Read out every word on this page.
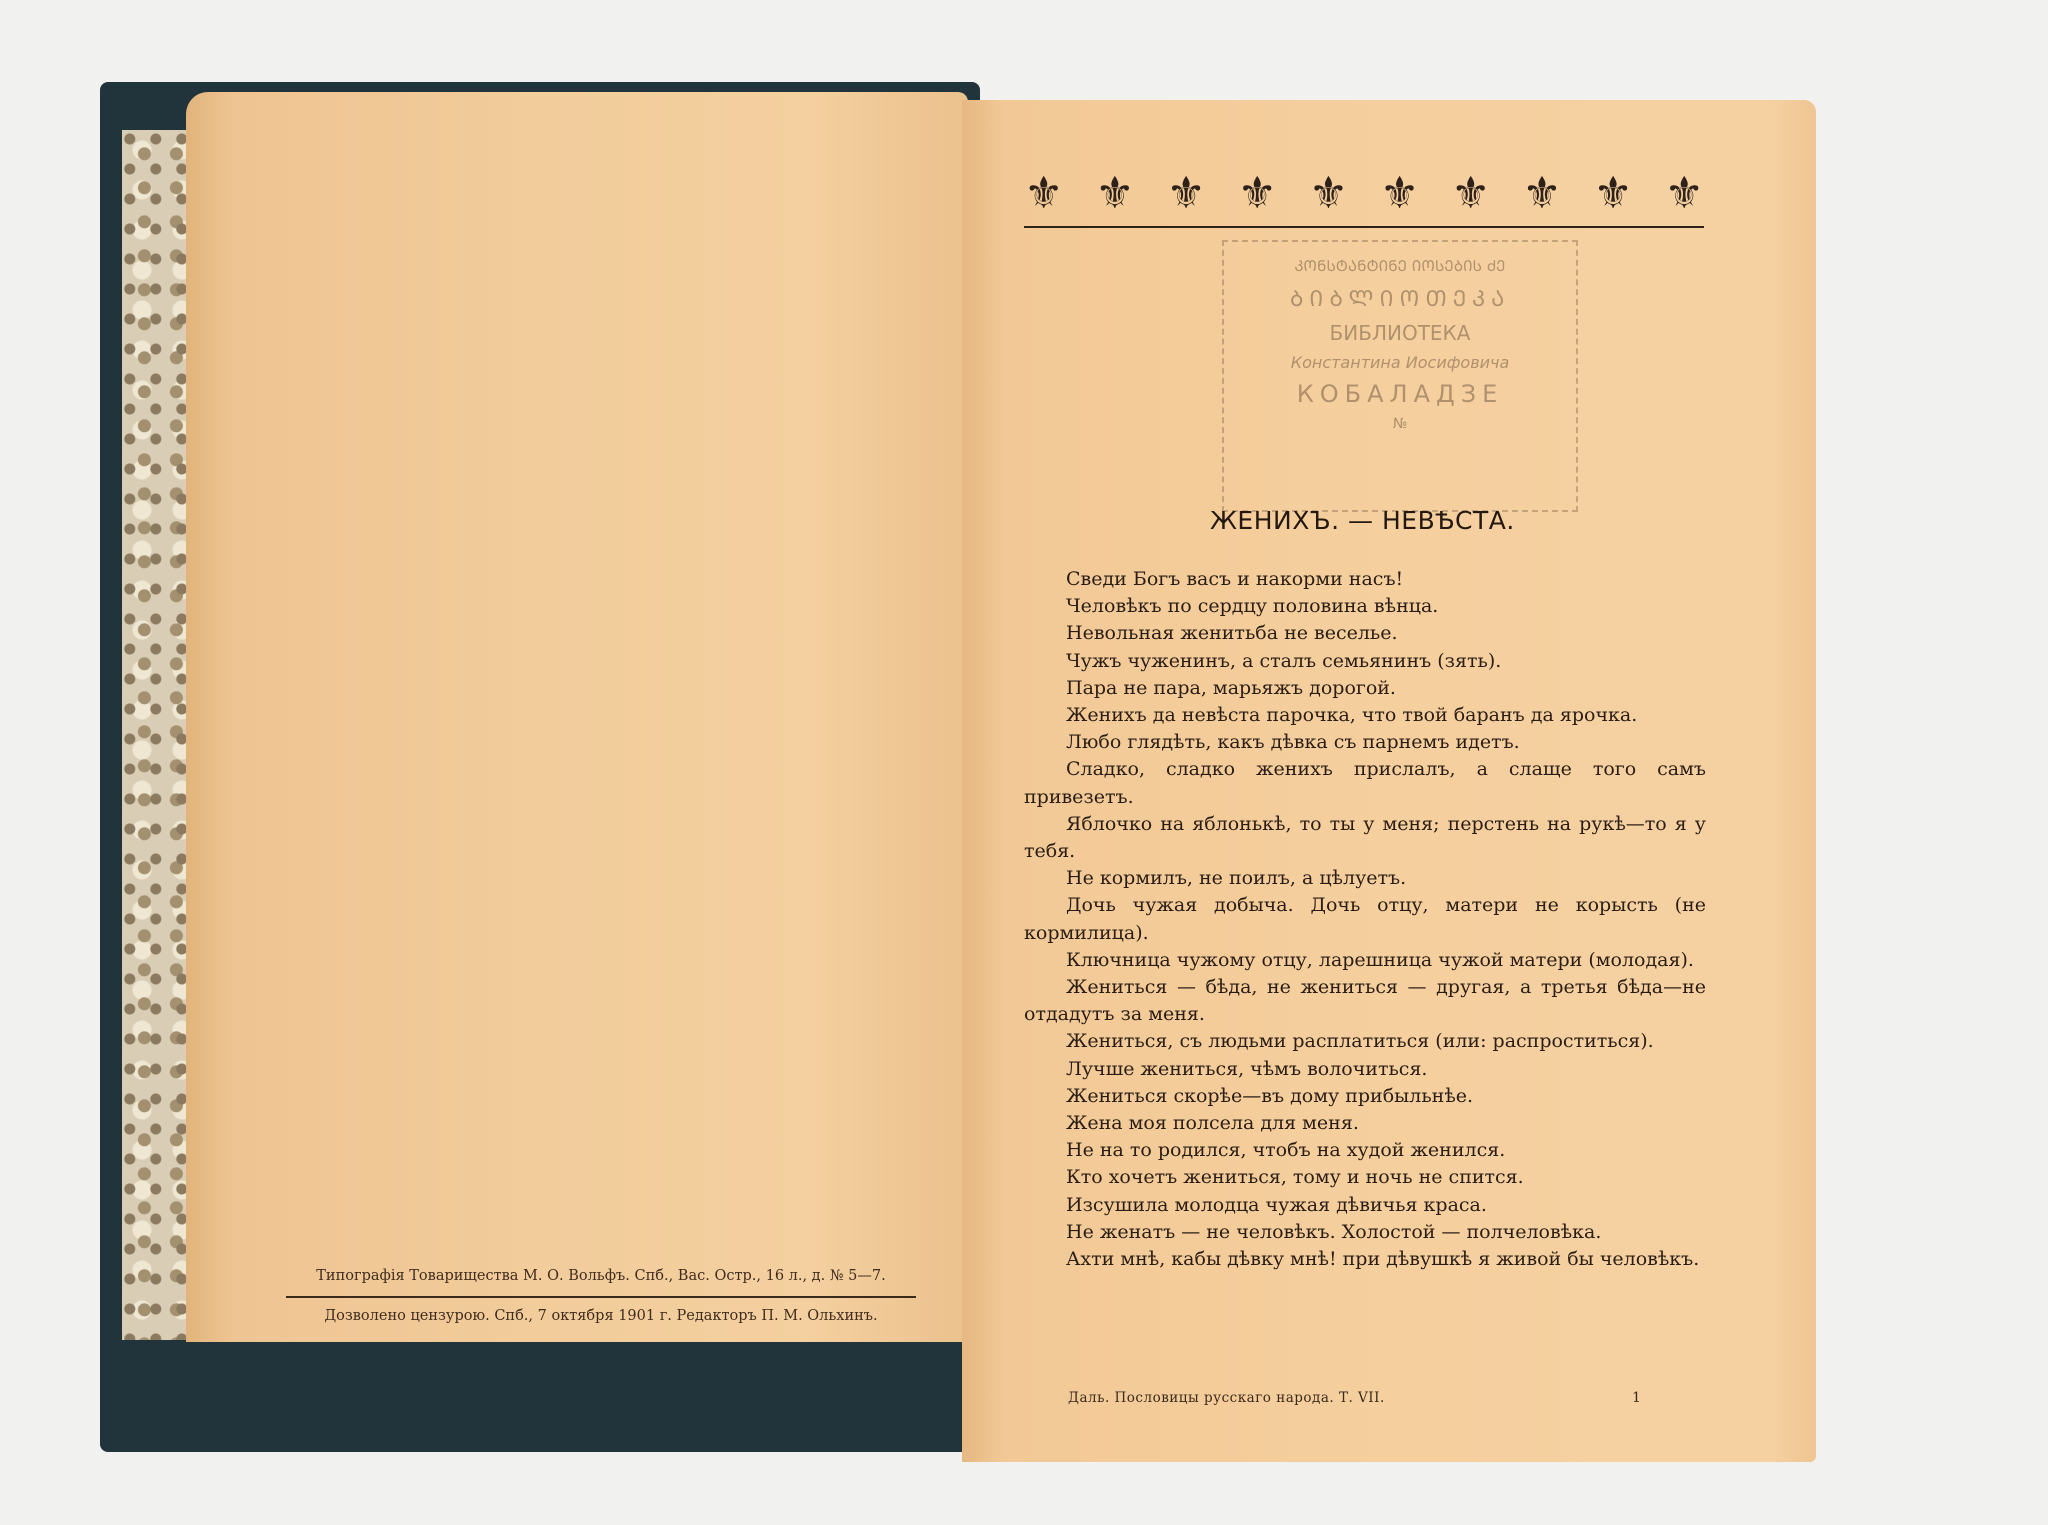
Типографія Товарищества М. О. Вольфъ. Спб., Вас. Остр., 16 л., д. № 5—7.
Дозволено цензурою. Спб., 7 октября 1901 г. Редакторъ П. М. Ольхинъ.
⚜ ⚜ ⚜ ⚜ ⚜ ⚜ ⚜ ⚜ ⚜ ⚜
ᲙᲝᲜᲡᲢᲐᲜᲢᲘᲜᲔ ᲘᲝᲡᲔᲑᲘᲡ ᲫᲔ
ᲑᲘᲑᲚᲘᲝᲗᲔᲙᲐ
БИБЛИОТЕКА
Константина Иосифовича
КОБАЛАДЗЕ
№
ЖЕНИХЪ. — НЕВѢСТА.

Сведи Богъ васъ и накорми насъ!

Человѣкъ по сердцу половина вѣнца.

Невольная женитьба не веселье.

Чужъ чуженинъ, а сталъ семьянинъ (зять).

Пара не пара, марьяжъ дорогой.

Женихъ да невѣста парочка, что твой баранъ да ярочка.

Любо глядѣть, какъ дѣвка съ парнемъ идетъ.

Сладко, сладко женихъ прислалъ, а слаще того самъ привезетъ.

Яблочко на яблонькѣ, то ты у меня; перстень на рукѣ—то я у тебя.

Не кормилъ, не поилъ, а цѣлуетъ.

Дочь чужая добыча. Дочь отцу, матери не корысть (не кормилица).

Ключница чужому отцу, ларешница чужой матери (молодая).

Жениться — бѣда, не жениться — другая, а третья бѣда—не отдадутъ за меня.

Жениться, съ людьми расплатиться (или: распроститься).

Лучше жениться, чѣмъ волочиться.

Жениться скорѣе—въ дому прибыльнѣе.

Жена моя полсела для меня.

Не на то родился, чтобъ на худой женился.

Кто хочетъ жениться, тому и ночь не спится.

Изсушила молодца чужая дѣвичья краса.

Не женатъ — не человѣкъ. Холостой — полчеловѣка.

Ахти мнѣ, кабы дѣвку мнѣ! при дѣвушкѣ я живой бы человѣкъ.

Даль. Пословицы русскаго народа. Т. VII.	1
